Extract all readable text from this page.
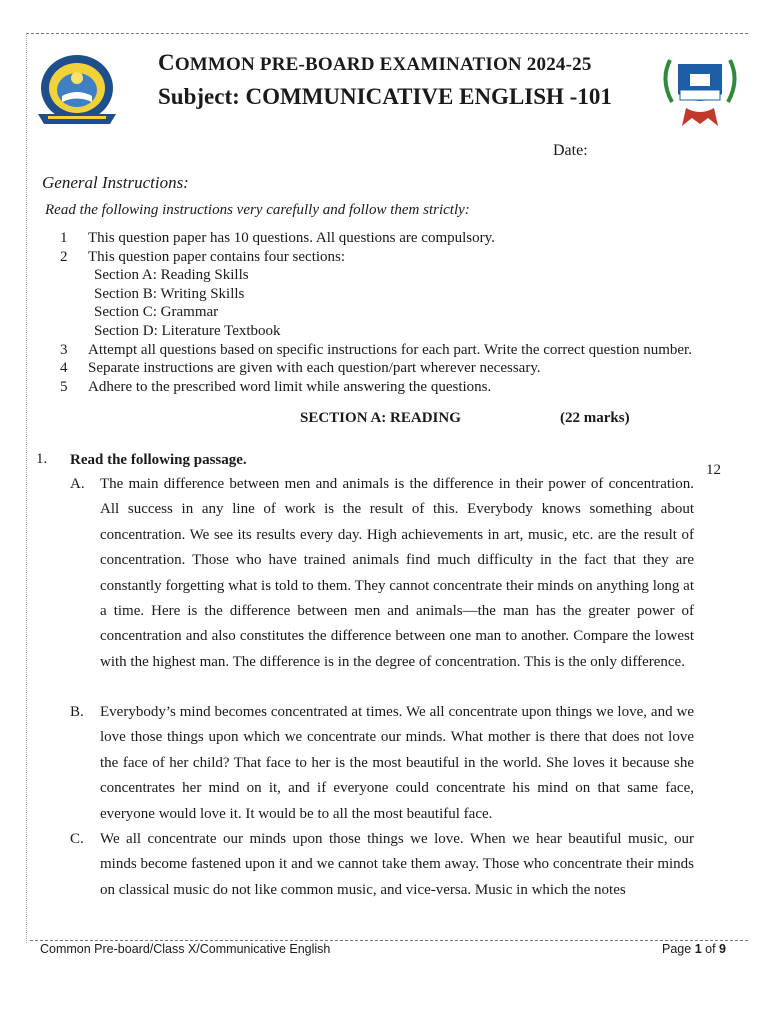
COMMON PRE-BOARD EXAMINATION 2024-25
Subject: COMMUNICATIVE ENGLISH -101
Date:
General Instructions:
Read the following instructions very carefully and follow them strictly:
1 This question paper has 10 questions. All questions are compulsory.
2 This question paper contains four sections:
Section A: Reading Skills
Section B: Writing Skills
Section C: Grammar
Section D: Literature Textbook
3 Attempt all questions based on specific instructions for each part. Write the correct question number.
4 Separate instructions are given with each question/part wherever necessary.
5 Adhere to the prescribed word limit while answering the questions.
SECTION A: READING	(22 marks)
1. Read the following passage.
12
A. The main difference between men and animals is the difference in their power of concentration. All success in any line of work is the result of this. Everybody knows something about concentration. We see its results every day. High achievements in art, music, etc. are the result of concentration. Those who have trained animals find much difficulty in the fact that they are constantly forgetting what is told to them. They cannot concentrate their minds on anything long at a time. Here is the difference between men and animals—the man has the greater power of concentration and also constitutes the difference between one man to another. Compare the lowest with the highest man. The difference is in the degree of concentration. This is the only difference.
B. Everybody’s mind becomes concentrated at times. We all concentrate upon things we love, and we love those things upon which we concentrate our minds. What mother is there that does not love the face of her child? That face to her is the most beautiful in the world. She loves it because she concentrates her mind on it, and if everyone could concentrate his mind on that same face, everyone would love it. It would be to all the most beautiful face.
C. We all concentrate our minds upon those things we love. When we hear beautiful music, our minds become fastened upon it and we cannot take them away. Those who concentrate their minds on classical music do not like common music, and vice-versa. Music in which the notes
Common Pre-board/Class X/Communicative English	Page 1 of 9
